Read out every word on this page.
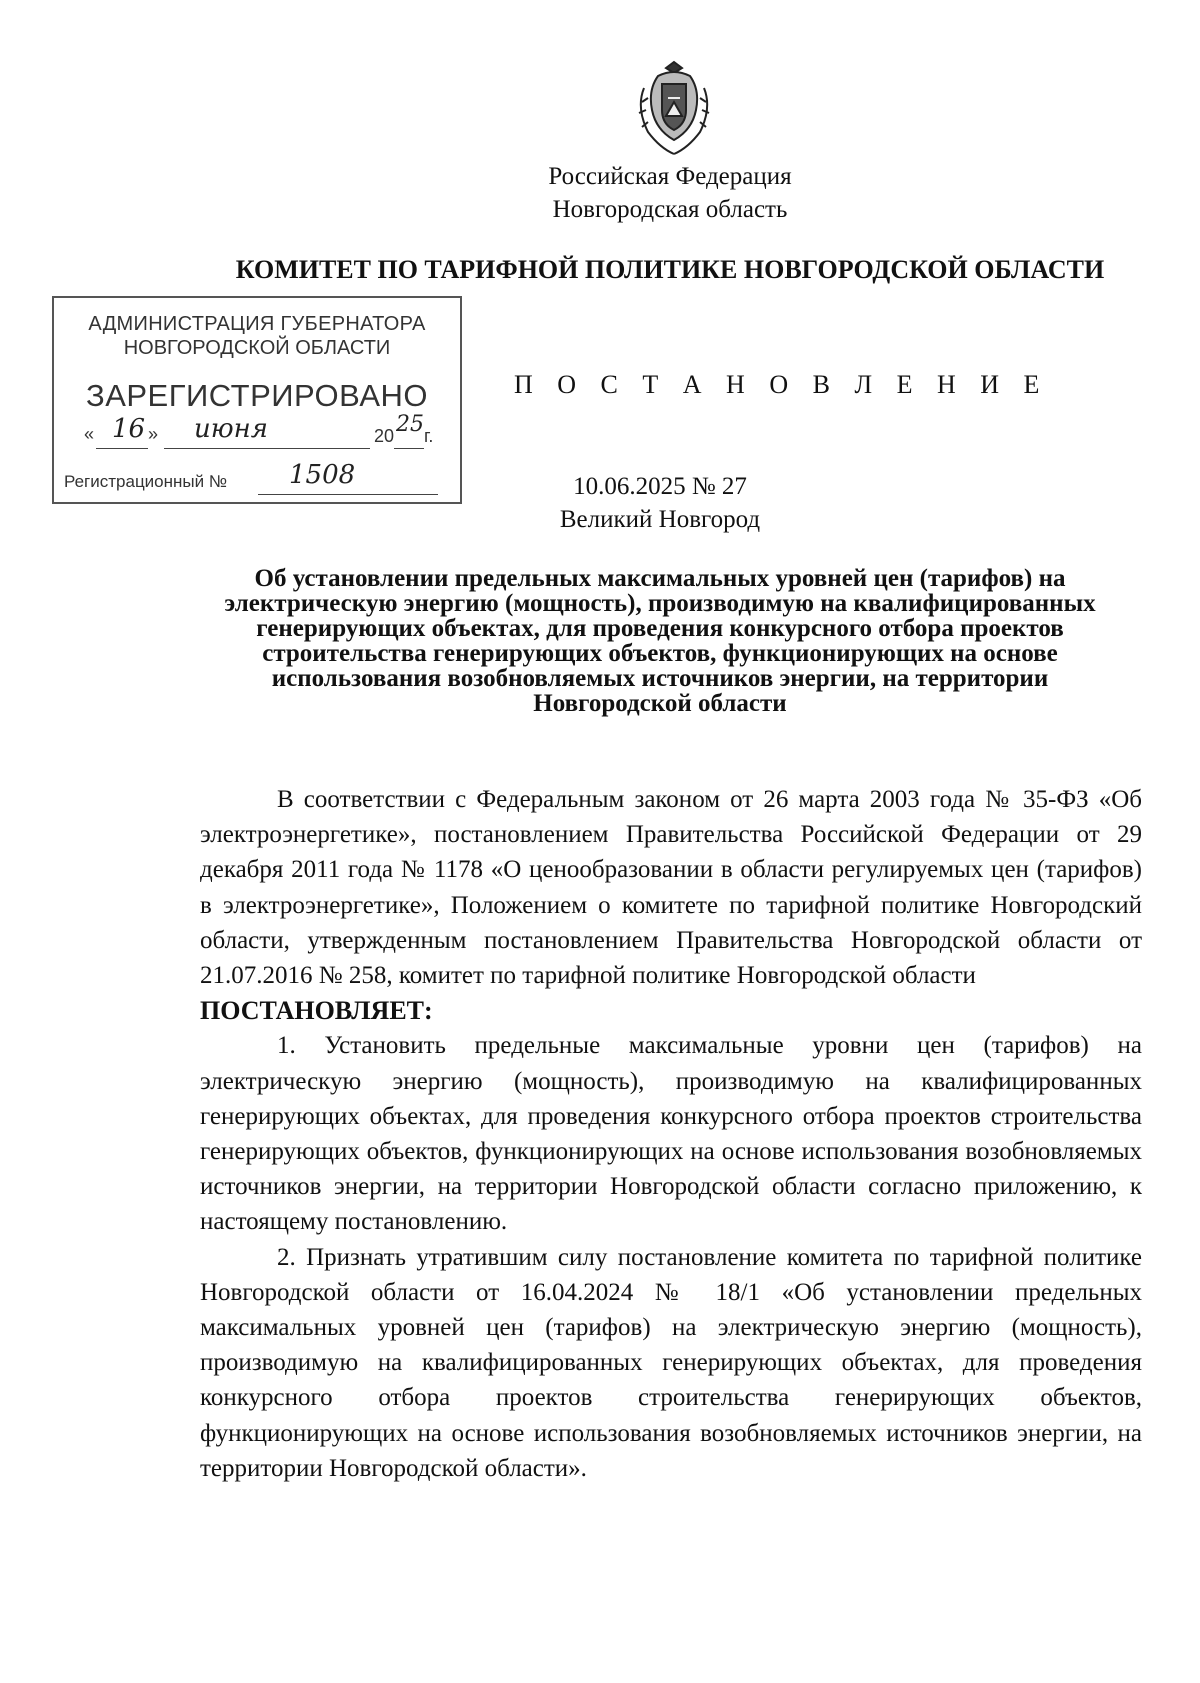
Российская Федерация
Новгородская область
КОМИТЕТ ПО ТАРИФНОЙ ПОЛИТИКЕ НОВГОРОДСКОЙ ОБЛАСТИ
АДМИНИСТРАЦИЯ ГУБЕРНАТОРА
НОВГОРОДСКОЙ ОБЛАСТИ
ЗАРЕГИСТРИРОВАНО
« 16 » июня	20 25 г.
Регистрационный № 1508
П О С Т А Н О В Л Е Н И Е
10.06.2025 № 27
Великий Новгород
Об установлении предельных максимальных уровней цен (тарифов) на электрическую энергию (мощность), производимую на квалифицированных генерирующих объектах, для проведения конкурсного отбора проектов строительства генерирующих объектов, функционирующих на основе использования возобновляемых источников энергии, на территории Новгородской области

В соответствии с Федеральным законом от 26 марта 2003 года № 35-ФЗ «Об электроэнергетике», постановлением Правительства Российской Федерации от 29 декабря 2011 года № 1178 «О ценообразовании в области регулируемых цен (тарифов) в электроэнергетике», Положением о комитете по тарифной политике Новгородский области, утвержденным постановлением Правительства Новгородской области от 21.07.2016 № 258, комитет по тарифной политике Новгородской области

ПОСТАНОВЛЯЕТ:

1. Установить предельные максимальные уровни цен (тарифов) на электрическую энергию (мощность), производимую на квалифицированных генерирующих объектах, для проведения конкурсного отбора проектов строительства генерирующих объектов, функционирующих на основе использования возобновляемых источников энергии, на территории Новгородской области согласно приложению, к настоящему постановлению.

2. Признать утратившим силу постановление комитета по тарифной политике Новгородской области от 16.04.2024 № 18/1 «Об установлении предельных максимальных уровней цен (тарифов) на электрическую энергию (мощность), производимую на квалифицированных генерирующих объектах, для проведения конкурсного отбора проектов строительства генерирующих объектов, функционирующих на основе использования возобновляемых источников энергии, на территории Новгородской области».
